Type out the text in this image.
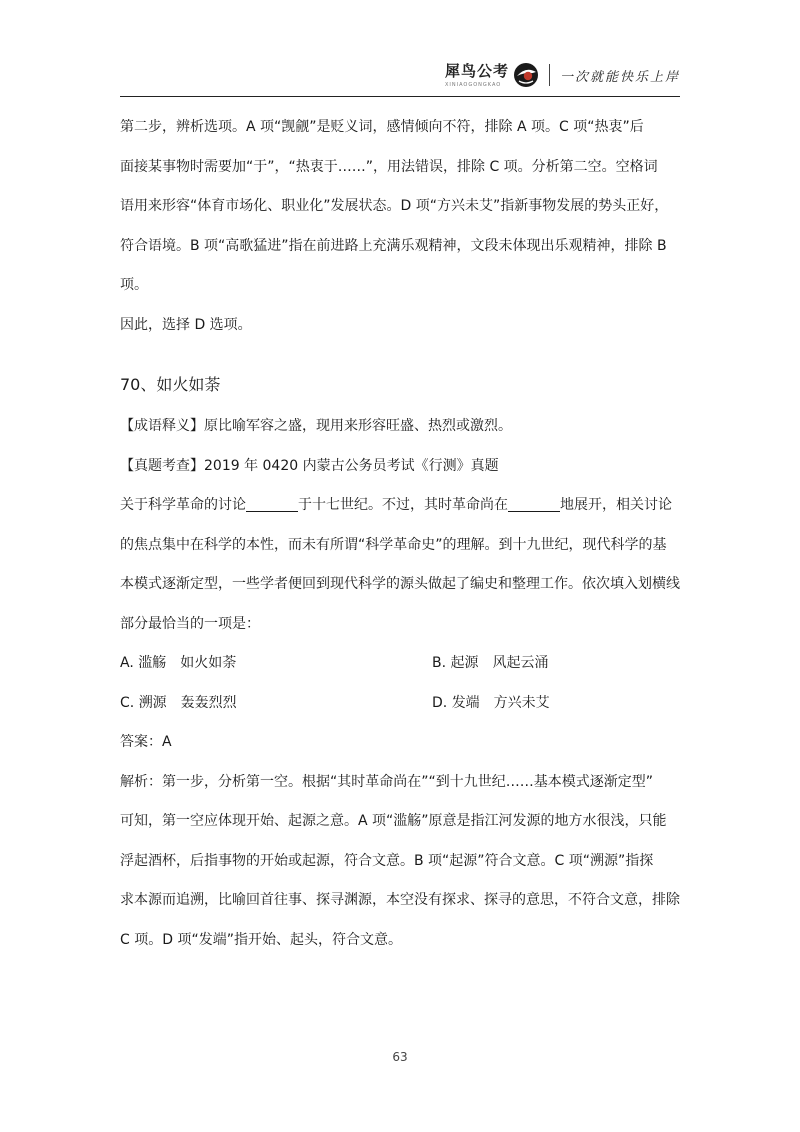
犀鸟公考
XINIAOGONGKAO
一次就能快乐上岸

第二步，辨析选项。A 项“觊觎”是贬义词，感情倾向不符，排除 A 项。C 项“热衷”后

面接某事物时需要加“于”，“热衷于……”，用法错误，排除 C 项。分析第二空。空格词

语用来形容“体育市场化、职业化”发展状态。D 项“方兴未艾”指新事物发展的势头正好，

符合语境。B 项“高歌猛进”指在前进路上充满乐观精神，文段未体现出乐观精神，排除 B

项。

因此，选择 D 选项。

70、如火如荼

【成语释义】原比喻军容之盛，现用来形容旺盛、热烈或激烈。

【真题考查】2019 年 0420 内蒙古公务员考试《行测》真题

关于科学革命的讨论	于十七世纪。不过，其时革命尚在	地展开，相关讨论

的焦点集中在科学的本性，而未有所谓“科学革命史”的理解。到十九世纪，现代科学的基

本模式逐渐定型，一些学者便回到现代科学的源头做起了编史和整理工作。依次填入划横线

部分最恰当的一项是：

A. 滥觞　如火如荼	B. 起源　风起云涌

C. 溯源　轰轰烈烈	D. 发端　方兴未艾

答案：A

解析：第一步，分析第一空。根据“其时革命尚在”“到十九世纪……基本模式逐渐定型”

可知，第一空应体现开始、起源之意。A 项“滥觞”原意是指江河发源的地方水很浅，只能

浮起酒杯，后指事物的开始或起源，符合文意。B 项“起源”符合文意。C 项“溯源”指探

求本源而追溯，比喻回首往事、探寻渊源，本空没有探求、探寻的意思，不符合文意，排除

C 项。D 项“发端”指开始、起头，符合文意。

63
